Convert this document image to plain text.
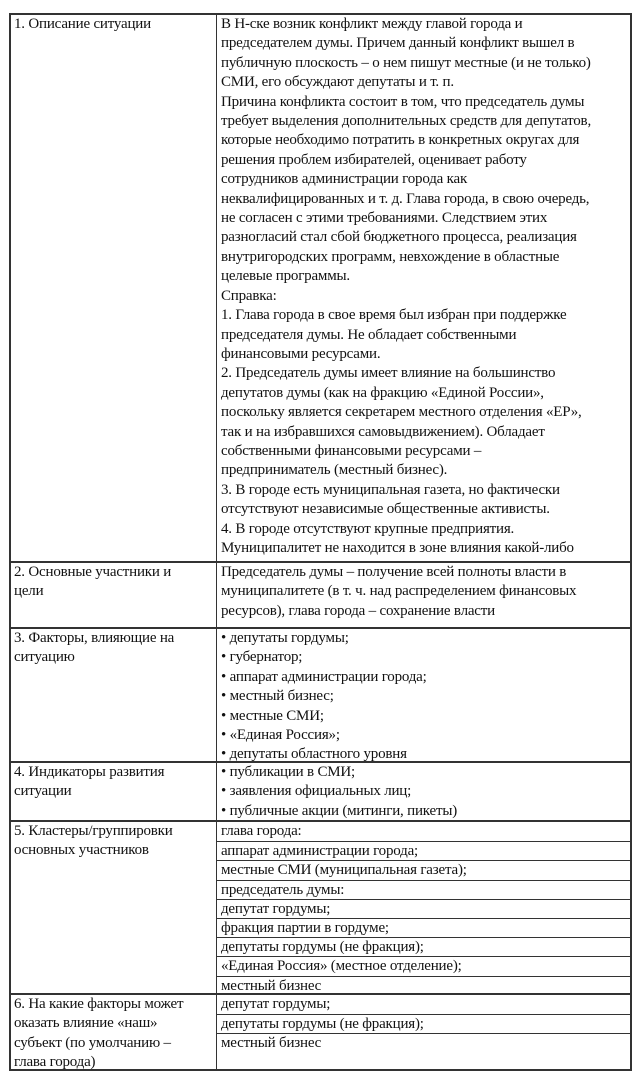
1. Описание ситуации	В Н-ске возник конфликт между главой города и
председателем думы. Причем данный конфликт вышел в
публичную плоскость – о нем пишут местные (и не только)
СМИ, его обсуждают депутаты и т. п.
Причина конфликта состоит в том, что председатель думы
требует выделения дополнительных средств для депутатов,
которые необходимо потратить в конкретных округах для
решения проблем избирателей, оценивает работу
сотрудников администрации города как
неквалифицированных и т. д. Глава города, в свою очередь,
не согласен с этими требованиями. Следствием этих
разногласий стал сбой бюджетного процесса, реализация
внутригородских программ, невхождение в областные
целевые программы.
Справка:
1. Глава города в свое время был избран при поддержке
председателя думы. Не обладает собственными
финансовыми ресурсами.
2. Председатель думы имеет влияние на большинство
депутатов думы (как на фракцию «Единой России»,
поскольку является секретарем местного отделения «ЕР»,
так и на избравшихся самовыдвижением). Обладает
собственными финансовыми ресурсами –
предприниматель (местный бизнес).
3. В городе есть муниципальная газета, но фактически
отсутствуют независимые общественные активисты.
4. В городе отсутствуют крупные предприятия.
Муниципалитет не находится в зоне влияния какой-либо
2. Основные участники и
цели
Председатель думы – получение всей полноты власти в
муниципалитете (в т. ч. над распределением финансовых
ресурсов), глава города – сохранение власти
3. Факторы, влияющие на
ситуацию
• депутаты гордумы;
• губернатор;
• аппарат администрации города;
• местный бизнес;
• местные СМИ;
• «Единая Россия»;
• депутаты областного уровня
4. Индикаторы развития
ситуации
• публикации в СМИ;
• заявления официальных лиц;
• публичные акции (митинги, пикеты)
5. Кластеры/группировки
основных участников
глава города:
аппарат администрации города;
местные СМИ (муниципальная газета);
председатель думы:
депутат гордумы;
фракция партии в гордуме;
депутаты гордумы (не фракция);
«Единая Россия» (местное отделение);
местный бизнес
6. На какие факторы может
оказать влияние «наш»
субъект (по умолчанию –
глава города)
депутат гордумы;
депутаты гордумы (не фракция);
местный бизнес
